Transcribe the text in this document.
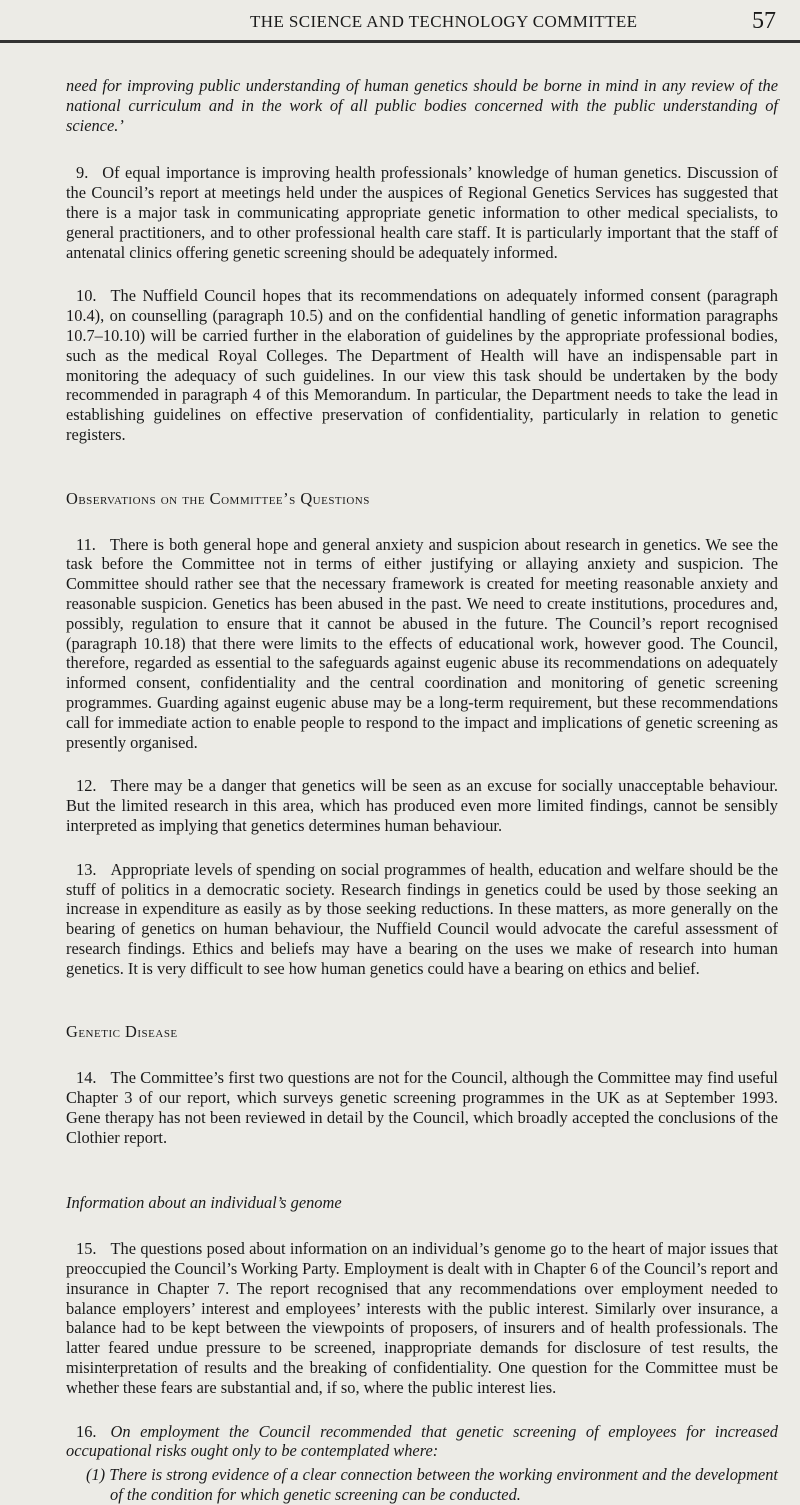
THE SCIENCE AND TECHNOLOGY COMMITTEE	57

need for improving public understanding of human genetics should be borne in mind in any review of the national curriculum and in the work of all public bodies concerned with the public understanding of science.’

9. Of equal importance is improving health professionals’ knowledge of human genetics. Discussion of the Council’s report at meetings held under the auspices of Regional Genetics Services has suggested that there is a major task in communicating appropriate genetic information to other medical specialists, to general practitioners, and to other professional health care staff. It is particularly important that the staff of antenatal clinics offering genetic screening should be adequately informed.

10. The Nuffield Council hopes that its recommendations on adequately informed consent (paragraph 10.4), on counselling (paragraph 10.5) and on the confidential handling of genetic information paragraphs 10.7–10.10) will be carried further in the elaboration of guidelines by the appropriate professional bodies, such as the medical Royal Colleges. The Department of Health will have an indispensable part in monitoring the adequacy of such guidelines. In our view this task should be undertaken by the body recommended in paragraph 4 of this Memorandum. In particular, the Department needs to take the lead in establishing guidelines on effective preservation of confidentiality, particularly in relation to genetic registers.

Observations on the Committee’s Questions

11. There is both general hope and general anxiety and suspicion about research in genetics. We see the task before the Committee not in terms of either justifying or allaying anxiety and suspicion. The Committee should rather see that the necessary framework is created for meeting reasonable anxiety and reasonable suspicion. Genetics has been abused in the past. We need to create institutions, procedures and, possibly, regulation to ensure that it cannot be abused in the future. The Council’s report recognised (paragraph 10.18) that there were limits to the effects of educational work, however good. The Council, therefore, regarded as essential to the safeguards against eugenic abuse its recommendations on adequately informed consent, confidentiality and the central coordination and monitoring of genetic screening programmes. Guarding against eugenic abuse may be a long-term requirement, but these recommendations call for immediate action to enable people to respond to the impact and implications of genetic screening as presently organised.

12. There may be a danger that genetics will be seen as an excuse for socially unacceptable behaviour. But the limited research in this area, which has produced even more limited findings, cannot be sensibly interpreted as implying that genetics determines human behaviour.

13. Appropriate levels of spending on social programmes of health, education and welfare should be the stuff of politics in a democratic society. Research findings in genetics could be used by those seeking an increase in expenditure as easily as by those seeking reductions. In these matters, as more generally on the bearing of genetics on human behaviour, the Nuffield Council would advocate the careful assessment of research findings. Ethics and beliefs may have a bearing on the uses we make of research into human genetics. It is very difficult to see how human genetics could have a bearing on ethics and belief.

Genetic Disease

14. The Committee’s first two questions are not for the Council, although the Committee may find useful Chapter 3 of our report, which surveys genetic screening programmes in the UK as at September 1993. Gene therapy has not been reviewed in detail by the Council, which broadly accepted the conclusions of the Clothier report.

Information about an individual’s genome

15. The questions posed about information on an individual’s genome go to the heart of major issues that preoccupied the Council’s Working Party. Employment is dealt with in Chapter 6 of the Council’s report and insurance in Chapter 7. The report recognised that any recommendations over employment needed to balance employers’ interest and employees’ interests with the public interest. Similarly over insurance, a balance had to be kept between the viewpoints of proposers, of insurers and of health professionals. The latter feared undue pressure to be screened, inappropriate demands for disclosure of test results, the misinterpretation of results and the breaking of confidentiality. One question for the Committee must be whether these fears are substantial and, if so, where the public interest lies.

16. On employment the Council recommended that genetic screening of employees for increased occupational risks ought only to be contemplated where:

(1) There is strong evidence of a clear connection between the working environment and the development of the condition for which genetic screening can be conducted.
